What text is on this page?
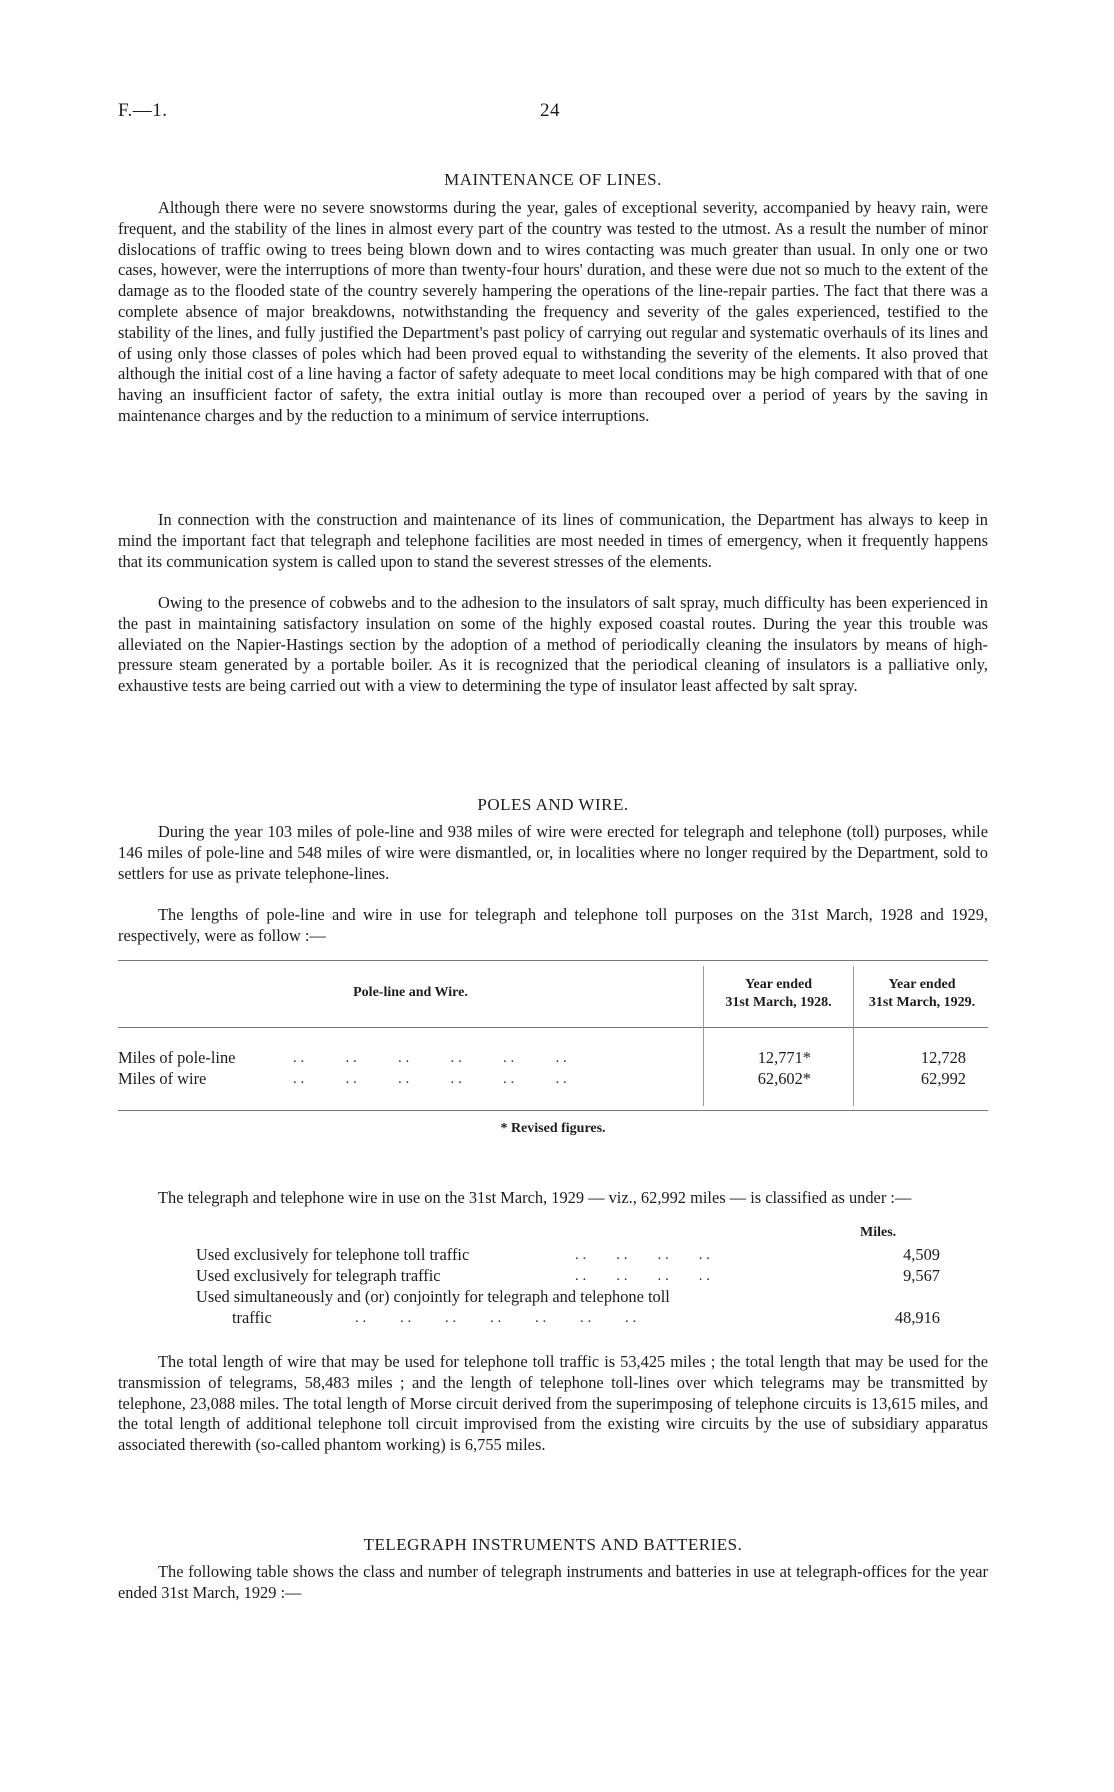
F.—1.	24
MAINTENANCE OF LINES.

Although there were no severe snowstorms during the year, gales of exceptional severity, accompanied by heavy rain, were frequent, and the stability of the lines in almost every part of the country was tested to the utmost. As a result the number of minor dislocations of traffic owing to trees being blown down and to wires contacting was much greater than usual. In only one or two cases, however, were the interruptions of more than twenty-four hours' duration, and these were due not so much to the extent of the damage as to the flooded state of the country severely hampering the operations of the line-repair parties. The fact that there was a complete absence of major breakdowns, notwithstanding the frequency and severity of the gales experienced, testified to the stability of the lines, and fully justified the Department's past policy of carrying out regular and systematic overhauls of its lines and of using only those classes of poles which had been proved equal to withstanding the severity of the elements. It also proved that although the initial cost of a line having a factor of safety adequate to meet local conditions may be high compared with that of one having an insufficient factor of safety, the extra initial outlay is more than recouped over a period of years by the saving in maintenance charges and by the reduction to a minimum of service interruptions.

In connection with the construction and maintenance of its lines of communication, the Department has always to keep in mind the important fact that telegraph and telephone facilities are most needed in times of emergency, when it frequently happens that its communication system is called upon to stand the severest stresses of the elements.

Owing to the presence of cobwebs and to the adhesion to the insulators of salt spray, much difficulty has been experienced in the past in maintaining satisfactory insulation on some of the highly exposed coastal routes. During the year this trouble was alleviated on the Napier-Hastings section by the adoption of a method of periodically cleaning the insulators by means of high-pressure steam generated by a portable boiler. As it is recognized that the periodical cleaning of insulators is a palliative only, exhaustive tests are being carried out with a view to determining the type of insulator least affected by salt spray.

POLES AND WIRE.

During the year 103 miles of pole-line and 938 miles of wire were erected for telegraph and telephone (toll) purposes, while 146 miles of pole-line and 548 miles of wire were dismantled, or, in localities where no longer required by the Department, sold to settlers for use as private telephone-lines.

The lengths of pole-line and wire in use for telegraph and telephone toll purposes on the 31st March, 1928 and 1929, respectively, were as follow :—

Pole-line and Wire.
Year ended
31st March, 1928.
Year ended
31st March, 1929.
Miles of pole-line	. .           . .           . .           . .           . .           . .	12,771*	12,728
Miles of wire	. .           . .           . .           . .           . .           . .	62,602*	62,992
* Revised figures.

The telegraph and telephone wire in use on the 31st March, 1929 — viz., 62,992 miles — is classified as under :—

Miles.
Used exclusively for telephone toll traffic	. .        . .        . .        . .	4,509
Used exclusively for telegraph traffic	. .        . .        . .        . .	9,567
Used simultaneously and (or) conjointly for telegraph and telephone toll
traffic	. .         . .         . .         . .         . .         . .         . .	48,916

The total length of wire that may be used for telephone toll traffic is 53,425 miles ; the total length that may be used for the transmission of telegrams, 58,483 miles ; and the length of telephone toll-lines over which telegrams may be transmitted by telephone, 23,088 miles. The total length of Morse circuit derived from the superimposing of telephone circuits is 13,615 miles, and the total length of additional telephone toll circuit improvised from the existing wire circuits by the use of subsidiary apparatus associated therewith (so-called phantom working) is 6,755 miles.

TELEGRAPH INSTRUMENTS AND BATTERIES.

The following table shows the class and number of telegraph instruments and batteries in use at telegraph-offices for the year ended 31st March, 1929 :—
